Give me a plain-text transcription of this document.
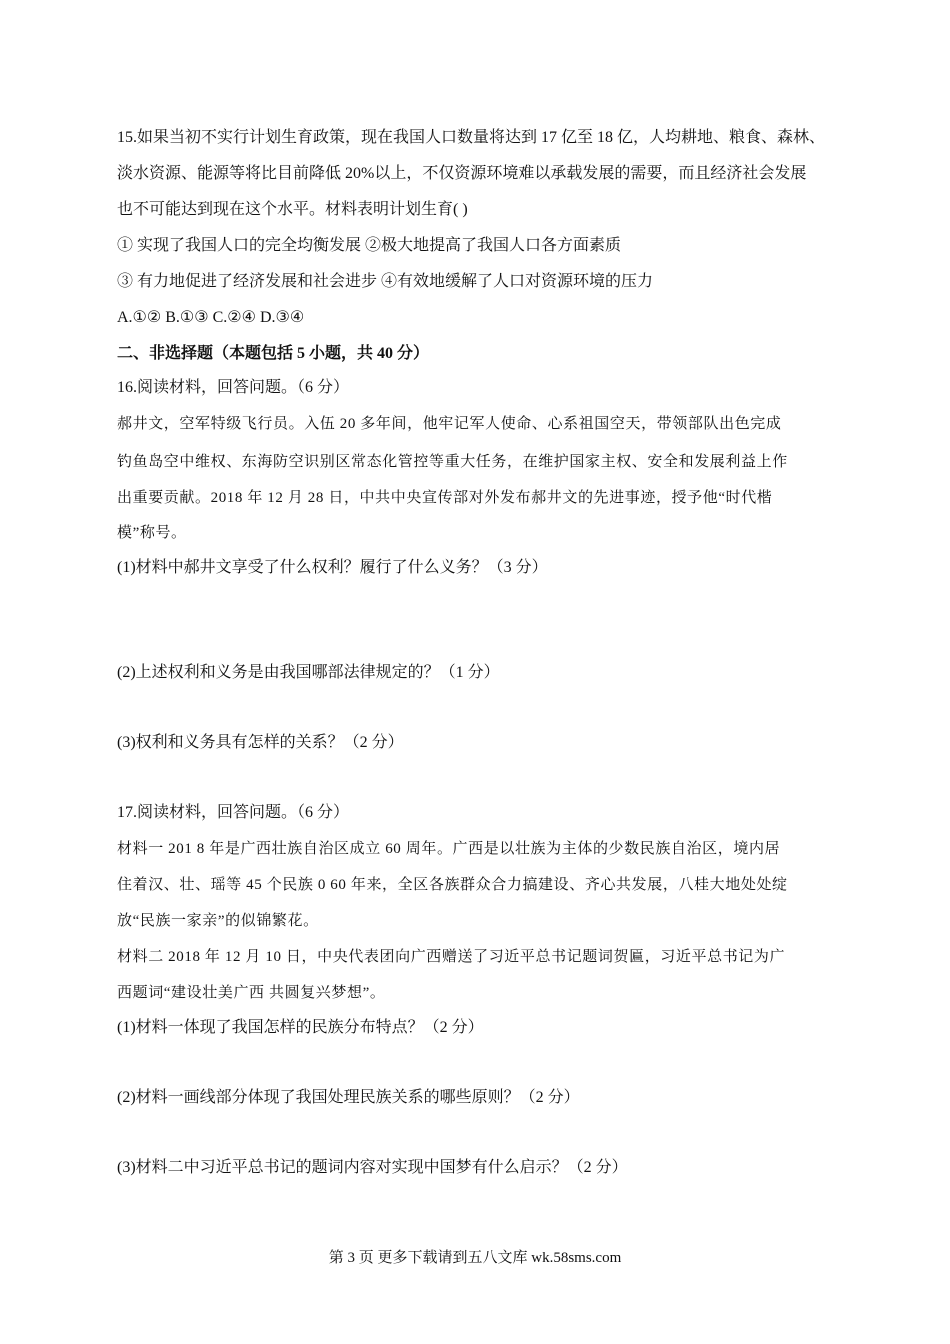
15.如果当初不实行计划生育政策，现在我国人口数量将达到 17 亿至 18 亿，人均耕地、粮食、森林、
淡水资源、能源等将比目前降低 20%以上，不仅资源环境难以承载发展的需要，而且经济社会发展
也不可能达到现在这个水平。材料表明计划生育( )
① 实现了我国人口的完全均衡发展 ②极大地提高了我国人口各方面素质
③ 有力地促进了经济发展和社会进步 ④有效地缓解了人口对资源环境的压力
A.①② B.①③ C.②④ D.③④
二、非选择题（本题包括 5 小题，共 40 分）
16.阅读材料，回答问题。（6 分）
郝井文，空军特级飞行员。入伍 20 多年间，他牢记军人使命、心系祖国空天，带领部队出色完成
钓鱼岛空中维权、东海防空识别区常态化管控等重大任务，在维护国家主权、安全和发展利益上作
出重要贡献。2018 年 12 月 28 日，中共中央宣传部对外发布郝井文的先进事迹，授予他“时代楷
模”称号。
(1)材料中郝井文享受了什么权利？履行了什么义务？（3 分）
(2)上述权利和义务是由我国哪部法律规定的？（1 分）
(3)权利和义务具有怎样的关系？（2 分）
17.阅读材料，回答问题。（6 分）
材料一 201 8 年是广西壮族自治区成立 60 周年。广西是以壮族为主体的少数民族自治区，境内居
住着汉、壮、瑶等 45 个民族 0 60 年来，全区各族群众合力搞建设、齐心共发展，八桂大地处处绽
放“民族一家亲”的似锦繁花。
材料二 2018 年 12 月 10 日，中央代表团向广西赠送了习近平总书记题词贺匾，习近平总书记为广
西题词“建设壮美广西 共圆复兴梦想”。
(1)材料一体现了我国怎样的民族分布特点？（2 分）
(2)材料一画线部分体现了我国处理民族关系的哪些原则？（2 分）
(3)材料二中习近平总书记的题词内容对实现中国梦有什么启示？（2 分）
第 3 页 更多下载请到五八文库 wk.58sms.com
